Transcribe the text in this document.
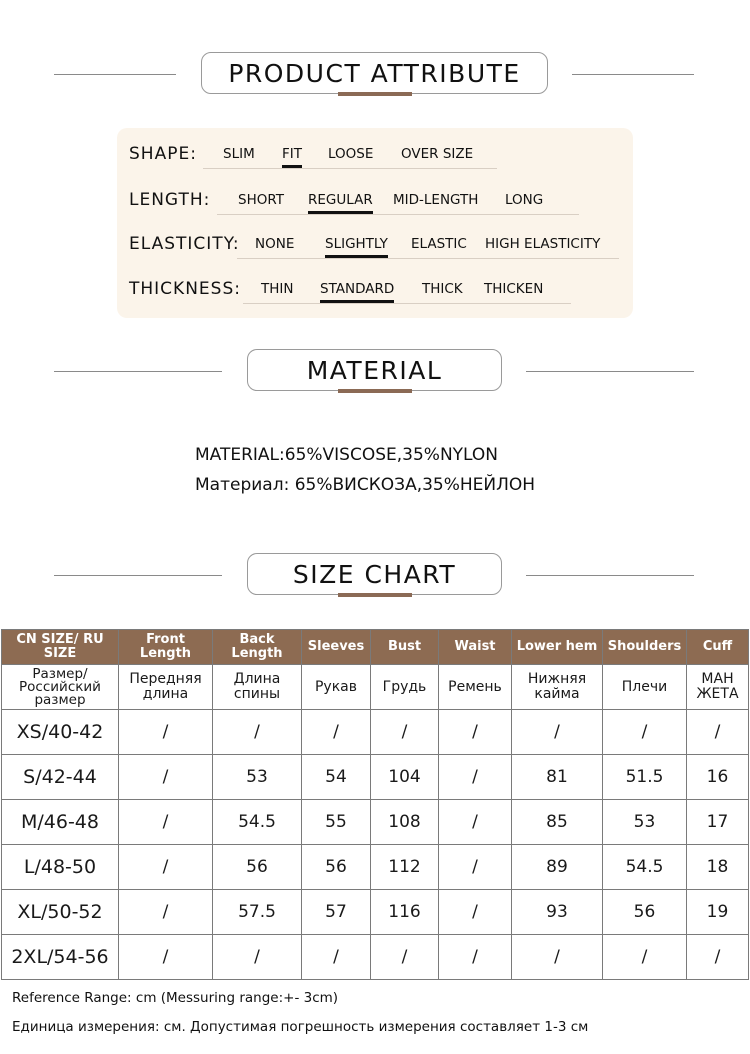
PRODUCT ATTRIBUTE
SHAPE: SLIM FIT LOOSE OVER SIZE
LENGTH: SHORT REGULAR MID-LENGTH LONG
ELASTICITY: NONE SLIGHTLY ELASTIC HIGH ELASTICITY
THICKNESS: THIN STANDARD THICK THICKEN
MATERIAL
MATERIAL:65%VISCOSE,35%NYLON
Материал: 65%ВИСКОЗА,35%НЕЙЛОН
SIZE CHART
CN SIZE/ RU SIZE	Front Length	Back Length	Sleeves	Bust	Waist	Lower hem	Shoulders	Cuff
Размер/ Российский размер	Передняя длина	Длина спины	Рукав	Грудь	Ремень	Нижняя кайма	Плечи	МАН ЖЕТА
XS/40-42	/	/	/	/	/	/	/	/
S/42-44	/	53	54	104	/	81	51.5	16
M/46-48	/	54.5	55	108	/	85	53	17
L/48-50	/	56	56	112	/	89	54.5	18
XL/50-52	/	57.5	57	116	/	93	56	19
2XL/54-56	/	/	/	/	/	/	/	/
Reference Range: cm (Messuring range:+- 3cm)
Единица измерения: см. Допустимая погрешность измерения составляет 1-3 см
